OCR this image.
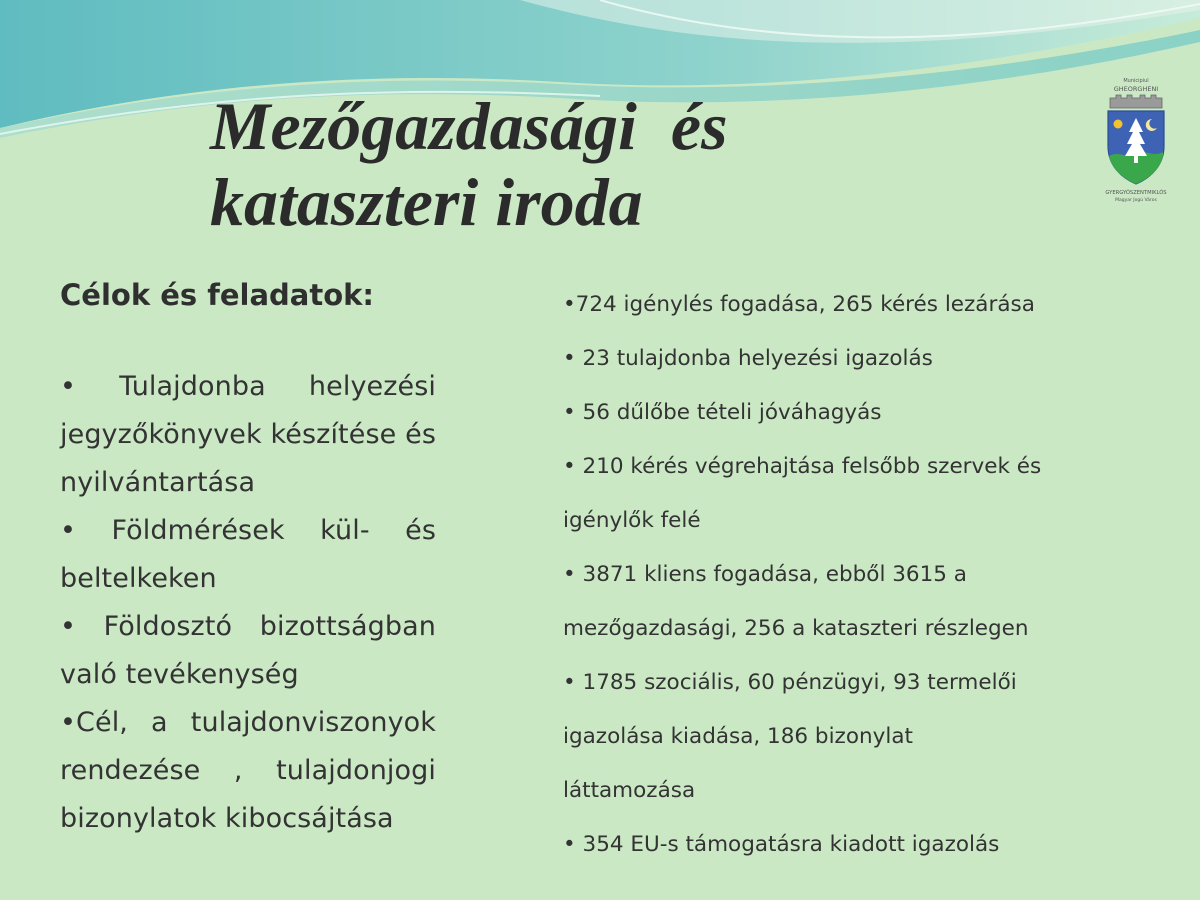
Mezőgazdasági  és
kataszteri iroda
Municipiul
GHEORGHENI
GYERGYÓSZENTMIKLÓS
Magyar Jogú Város
Célok és feladatok:
• Tulajdonba helyezési jegyzőkönyvek készítése és nyilvántartása
• Földmérések kül- és beltelkeken
• Földosztó bizottságban való tevékenység
•Cél, a tulajdonviszonyok rendezése , tulajdonjogi bizonylatok kibocsájtása
•724 igénylés fogadása, 265 kérés lezárása
• 23 tulajdonba helyezési igazolás
• 56 dűlőbe tételi jóváhagyás
• 210 kérés végrehajtása felsőbb szervek és
igénylők felé
• 3871 kliens fogadása, ebből 3615 a
mezőgazdasági, 256 a kataszteri részlegen
• 1785 szociális, 60 pénzügyi, 93 termelői
igazolása kiadása, 186 bizonylat
láttamozása
• 354 EU-s támogatásra kiadott igazolás
